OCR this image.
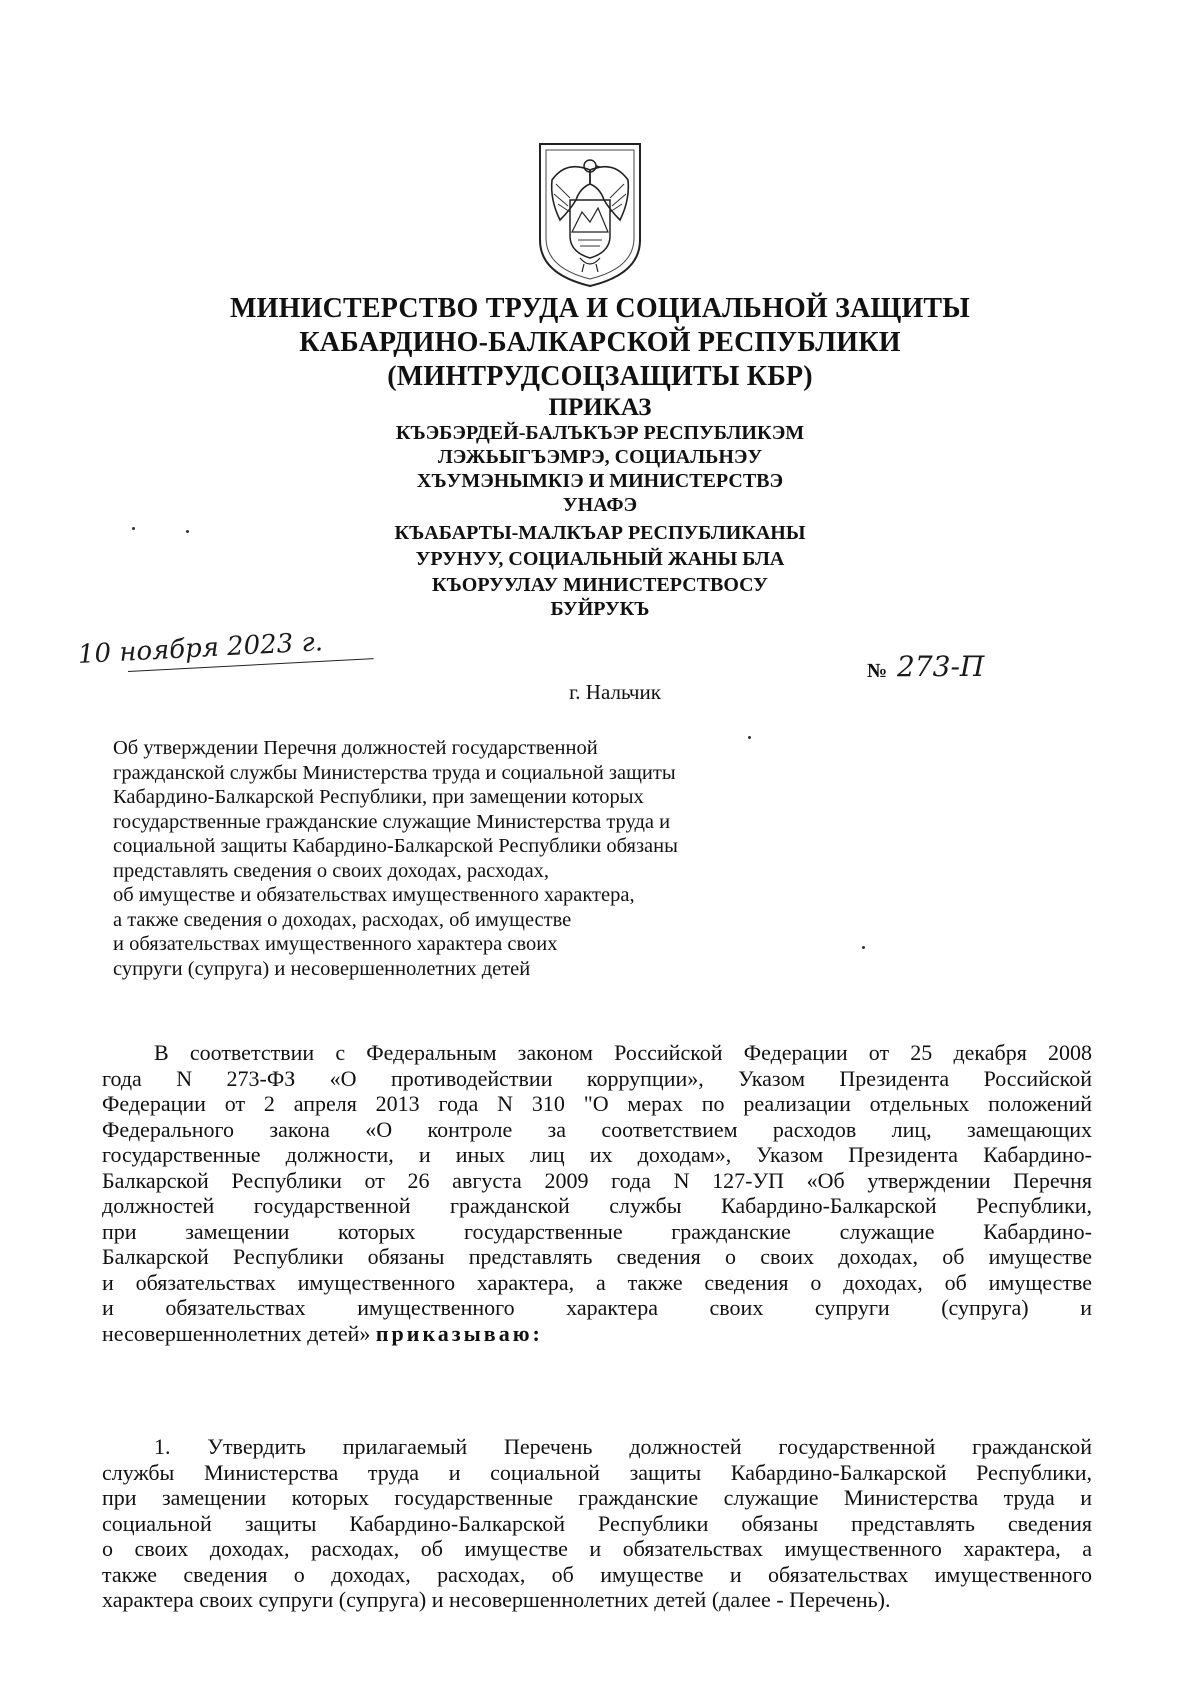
МИНИСТЕРСТВО ТРУДА И СОЦИАЛЬНОЙ ЗАЩИТЫ
КАБАРДИНО-БАЛКАРСКОЙ РЕСПУБЛИКИ
(МИНТРУДСОЦЗАЩИТЫ КБР)
ПРИКАЗ
КЪЭБЭРДЕЙ-БАЛЪКЪЭР РЕСПУБЛИКЭМ
ЛЭЖЬЫГЪЭМРЭ, СОЦИАЛЬНЭУ
ХЪУМЭНЫМКIЭ И МИНИСТЕРСТВЭ
УНАФЭ
КЪАБАРТЫ-МАЛКЪАР РЕСПУБЛИКАНЫ
УРУНУУ, СОЦИАЛЬНЫЙ ЖАНЫ БЛА
КЪОРУУЛАУ МИНИСТЕРСТВОСУ
БУЙРУКЪ
10 ноября 2023 г.
№ 273-П
г. Нальчик
Об утверждении Перечня должностей государственной
гражданской службы Министерства труда и социальной защиты
Кабардино-Балкарской Республики, при замещении которых
государственные гражданские служащие Министерства труда и
социальной защиты Кабардино-Балкарской Республики обязаны
представлять сведения о своих доходах, расходах,
об имуществе и обязательствах имущественного характера,
а также сведения о доходах, расходах, об имуществе
и обязательствах имущественного характера своих
супруги (супруга) и несовершеннолетних детей
В соответствии с Федеральным законом Российской Федерации от 25 декабря 2008
года N 273-ФЗ «О противодействии коррупции», Указом Президента Российской
Федерации от 2 апреля 2013 года N 310 "О мерах по реализации отдельных положений
Федерального закона «О контроле за соответствием расходов лиц, замещающих
государственные должности, и иных лиц их доходам», Указом Президента Кабардино-
Балкарской Республики от 26 августа 2009 года N 127-УП «Об утверждении Перечня
должностей государственной гражданской службы Кабардино-Балкарской Республики,
при замещении которых государственные гражданские служащие Кабардино-
Балкарской Республики обязаны представлять сведения о своих доходах, об имуществе
и обязательствах имущественного характера, а также сведения о доходах, об имуществе
и обязательствах имущественного характера своих супруги (супруга) и
несовершеннолетних детей» приказываю:
1. Утвердить прилагаемый Перечень должностей государственной гражданской
службы Министерства труда и социальной защиты Кабардино-Балкарской Республики,
при замещении которых государственные гражданские служащие Министерства труда и
социальной защиты Кабардино-Балкарской Республики обязаны представлять сведения
о своих доходах, расходах, об имуществе и обязательствах имущественного характера, а
также сведения о доходах, расходах, об имуществе и обязательствах имущественного
характера своих супруги (супруга) и несовершеннолетних детей (далее - Перечень).
